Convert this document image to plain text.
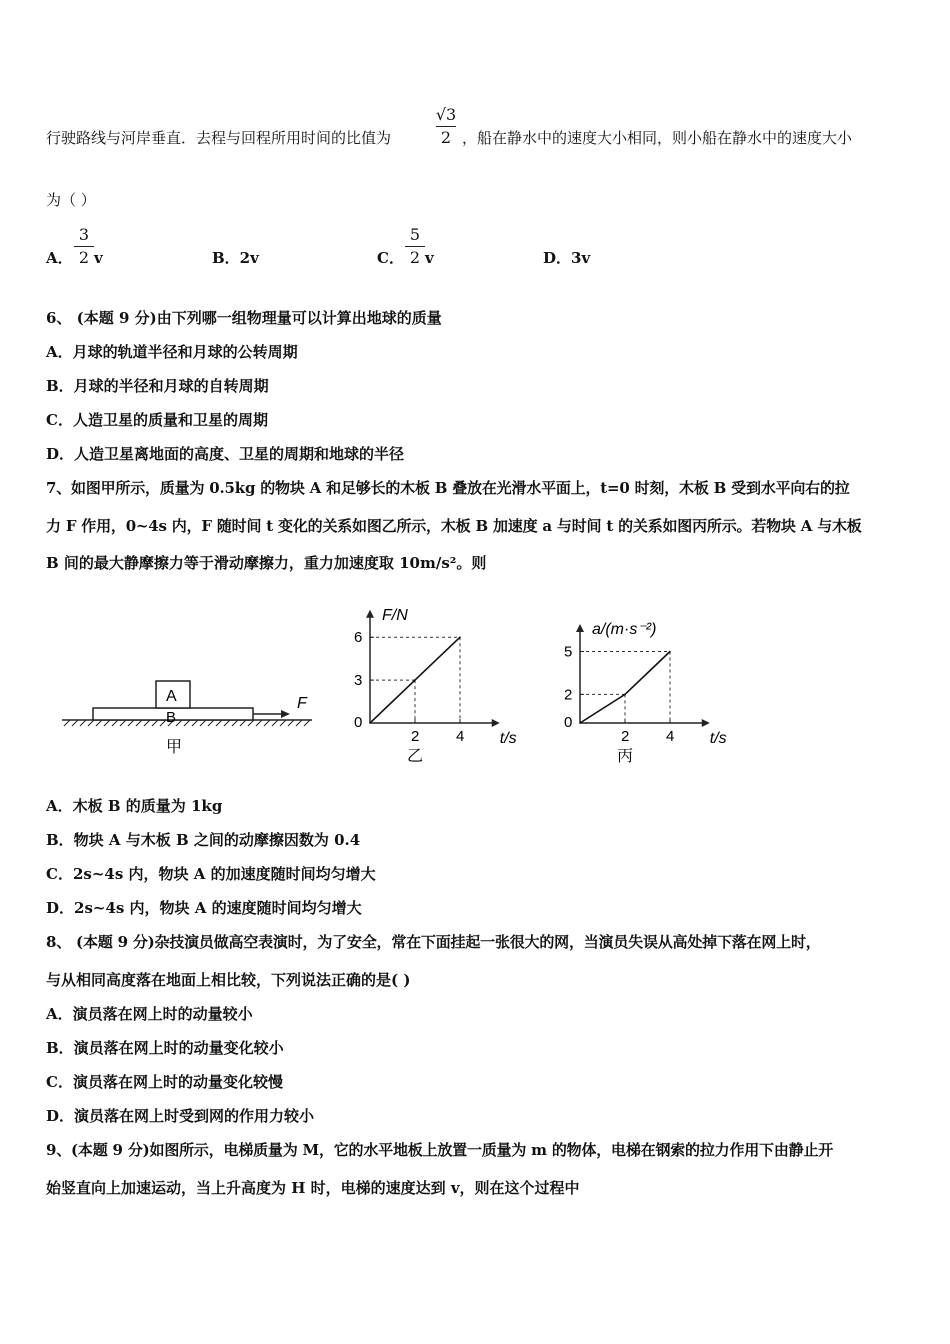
行驶路线与河岸垂直．去程与回程所用时间的比值为
√3
2 ，船在静水中的速度大小相同，则小船在静水中的速度大小
为（ ）
A．
3
2 v	B．2v	C．
5
2 v	D．3v
6、 (本题 9 分)由下列哪一组物理量可以计算出地球的质量
A．月球的轨道半径和月球的公转周期
B．月球的半径和月球的自转周期
C．人造卫星的质量和卫星的周期
D．人造卫星离地面的高度、卫星的周期和地球的半径
7、如图甲所示，质量为 0.5kg 的物块 A 和足够长的木板 B 叠放在光滑水平面上，t=0 时刻，木板 B 受到水平向右的拉
力 F 作用，0~4s 内，F 随时间 t 变化的关系如图乙所示，木板 B 加速度 a 与时间 t 的关系如图丙所示。若物块 A 与木板
B 间的最大静摩擦力等于滑动摩擦力，重力加速度取 10m/s²。则
A
B
F
甲
2 4
3
6
0
t/s
F/N
乙
2 4
2
5
0
t/s
a/(m·s⁻²)
丙
A．木板 B 的质量为 1kg
B．物块 A 与木板 B 之间的动摩擦因数为 0.4
C．2s~4s 内，物块 A 的加速度随时间均匀增大
D．2s~4s 内，物块 A 的速度随时间均匀增大
8、 (本题 9 分)杂技演员做高空表演时，为了安全，常在下面挂起一张很大的网，当演员失误从高处掉下落在网上时，
与从相同高度落在地面上相比较，下列说法正确的是( )
A．演员落在网上时的动量较小
B．演员落在网上时的动量变化较小
C．演员落在网上时的动量变化较慢
D．演员落在网上时受到网的作用力较小
9、(本题 9 分)如图所示，电梯质量为 M，它的水平地板上放置一质量为 m 的物体，电梯在钢索的拉力作用下由静止开
始竖直向上加速运动，当上升高度为 H 时，电梯的速度达到 v，则在这个过程中
